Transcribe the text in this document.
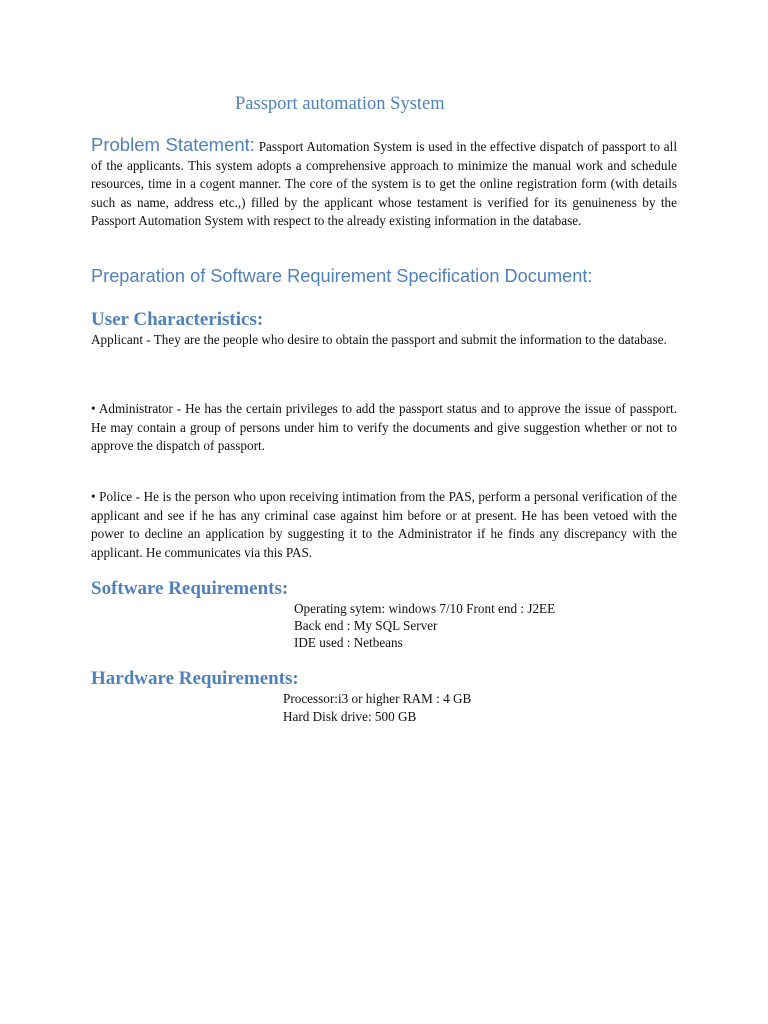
Passport automation System

Problem Statement: Passport Automation System is used in the effective dispatch of passport to all of the applicants. This system adopts a comprehensive approach to minimize the manual work and schedule resources, time in a cogent manner. The core of the system is to get the online registration form (with details such as name, address etc.,) filled by the applicant whose testament is verified for its genuineness by the Passport Automation System with respect to the already existing information in the database.

Preparation of Software Requirement Specification Document:
User Characteristics:

Applicant - They are the people who desire to obtain the passport and submit the information to the database.

• Administrator - He has the certain privileges to add the passport status and to approve the issue of passport. He may contain a group of persons under him to verify the documents and give suggestion whether or not to approve the dispatch of passport.

• Police - He is the person who upon receiving intimation from the PAS, perform a personal verification of the applicant and see if he has any criminal case against him before or at present. He has been vetoed with the power to decline an application by suggesting it to the Administrator if he finds any discrepancy with the applicant. He communicates via this PAS.

Software Requirements:
Operating sytem: windows 7/10 Front end : J2EE
Back end : My SQL Server
IDE used : Netbeans
Hardware Requirements:
Processor:i3 or higher RAM : 4 GB
Hard Disk drive: 500 GB
